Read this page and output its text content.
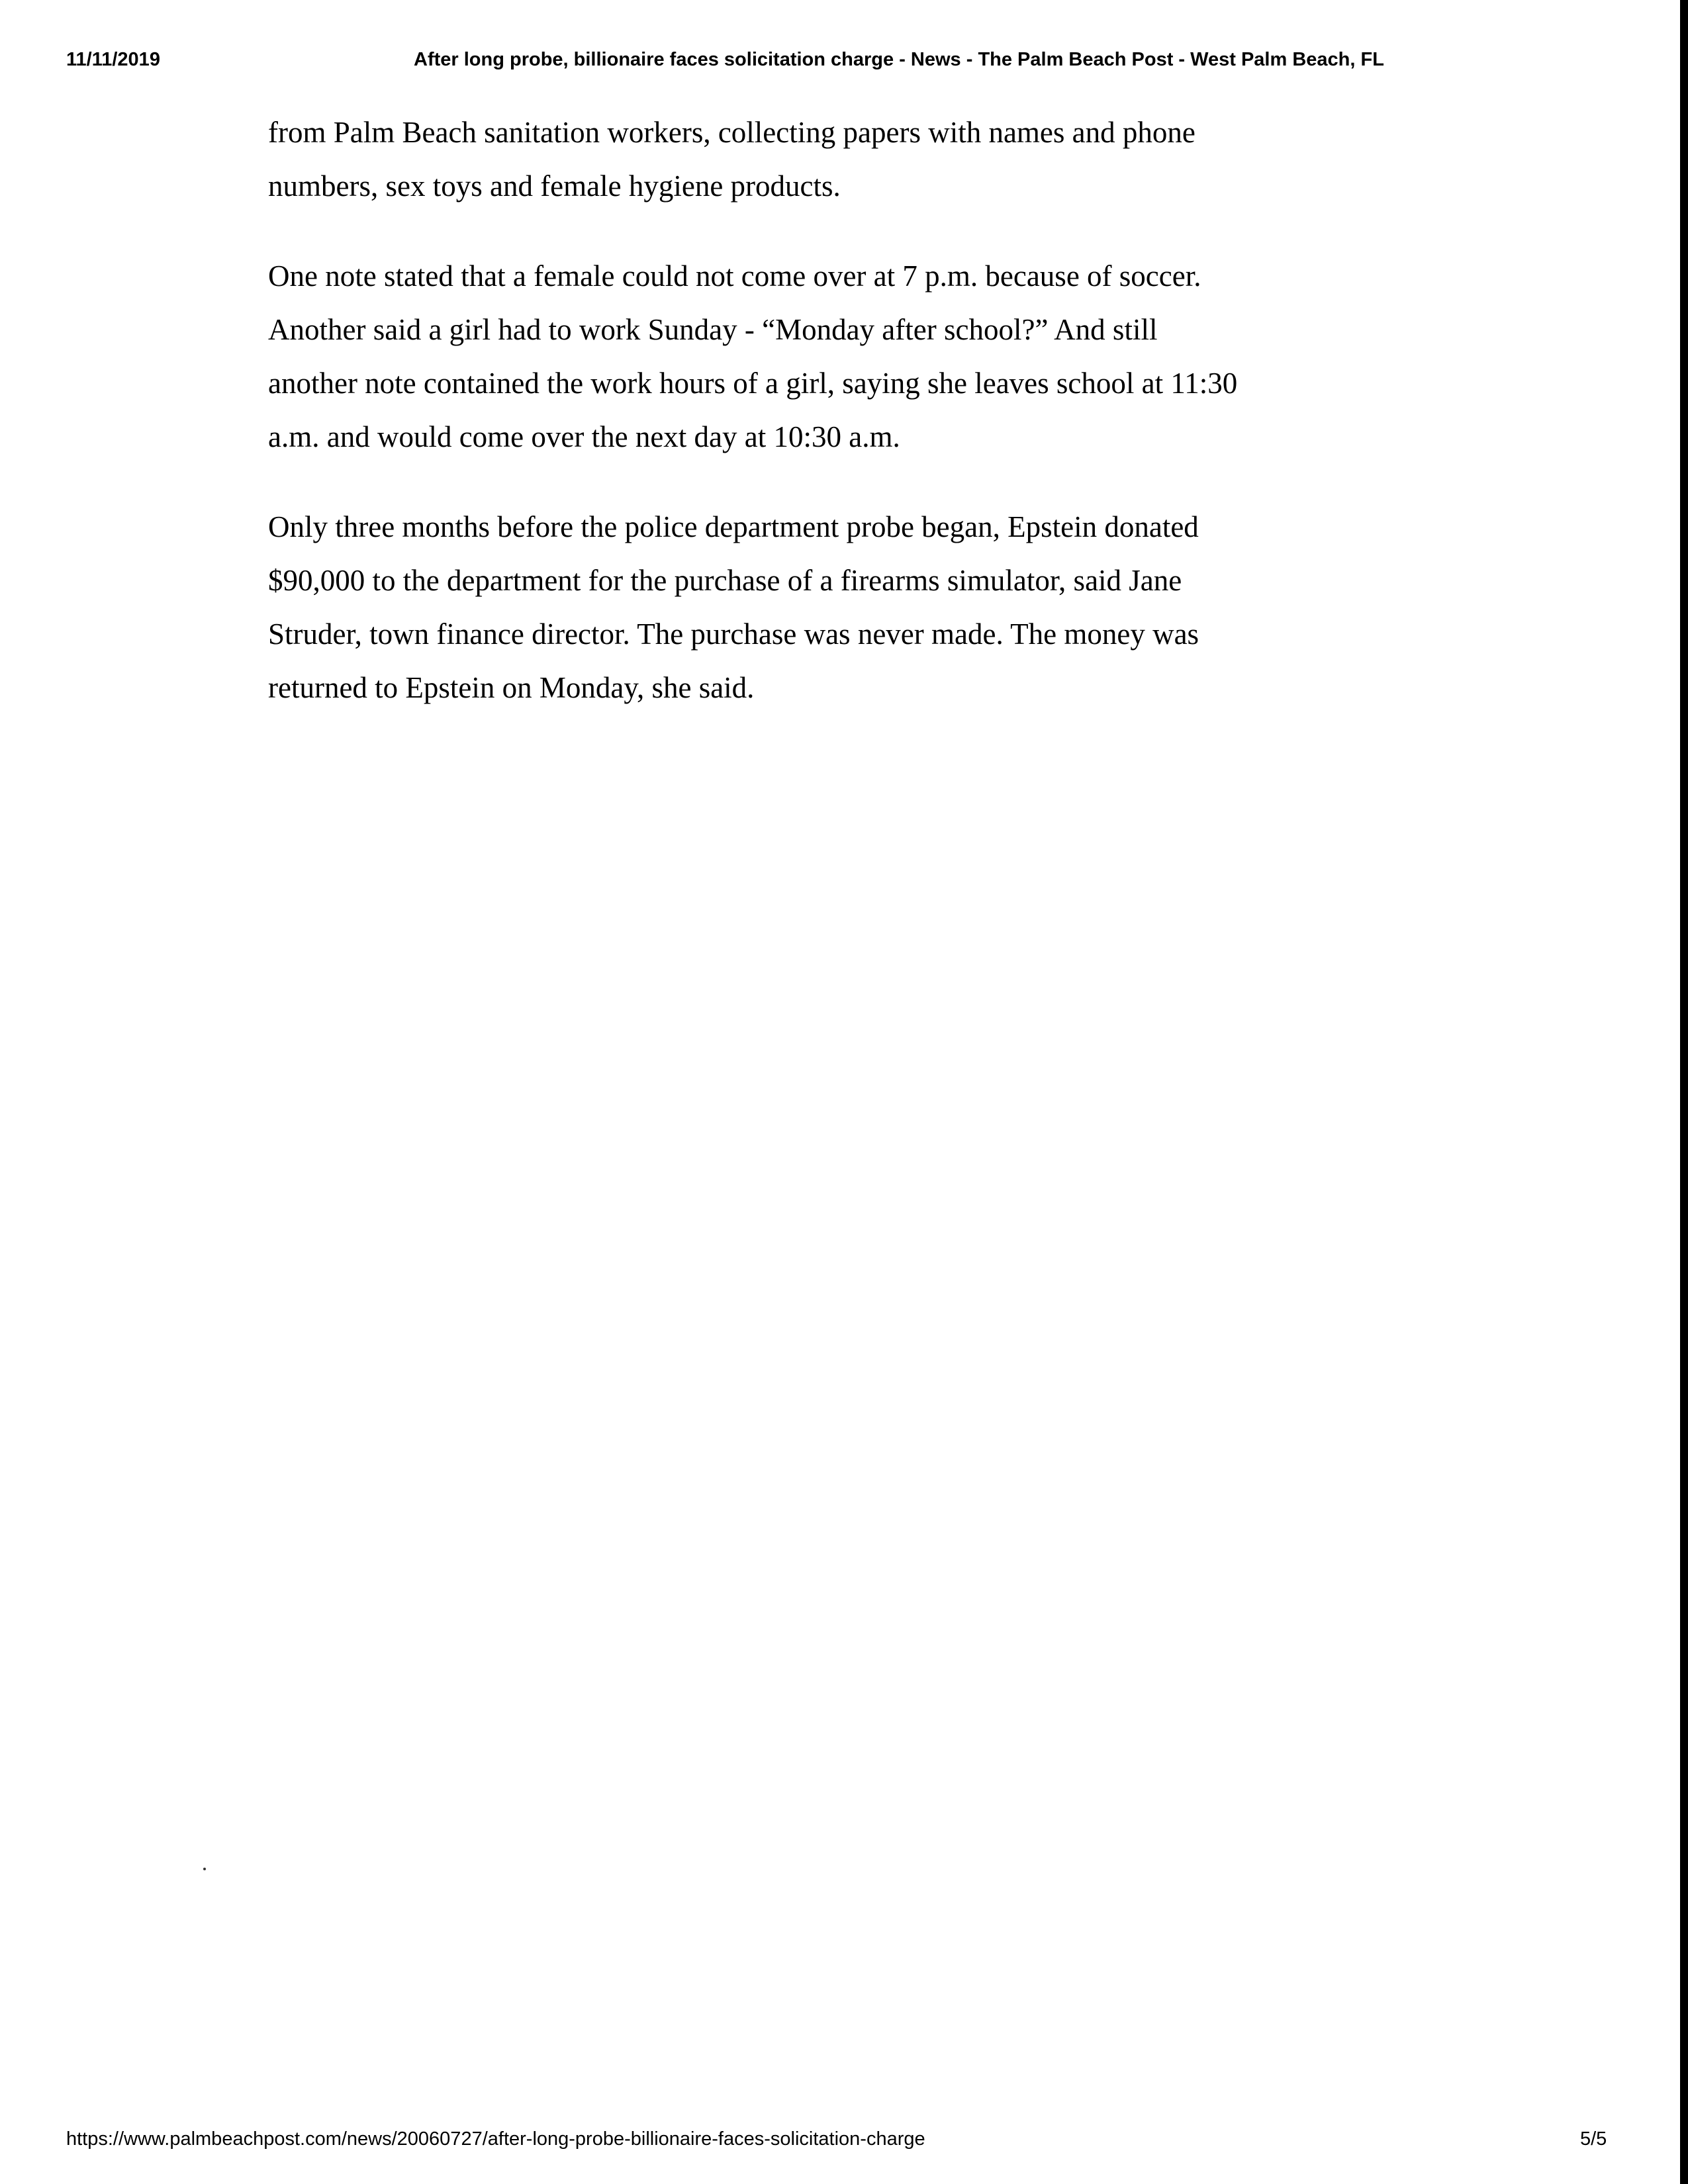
11/11/2019	After long probe, billionaire faces solicitation charge - News - The Palm Beach Post - West Palm Beach, FL

from Palm Beach sanitation workers, collecting papers with names and phone
numbers, sex toys and female hygiene products.

One note stated that a female could not come over at 7 p.m. because of soccer.
Another said a girl had to work Sunday - “Monday after school?” And still
another note contained the work hours of a girl, saying she leaves school at 11:30
a.m. and would come over the next day at 10:30 a.m.

Only three months before the police department probe began, Epstein donated
$90,000 to the department for the purchase of a firearms simulator, said Jane
Struder, town finance director. The purchase was never made. The money was
returned to Epstein on Monday, she said.

https://www.palmbeachpost.com/news/20060727/after-long-probe-billionaire-faces-solicitation-charge	5/5
